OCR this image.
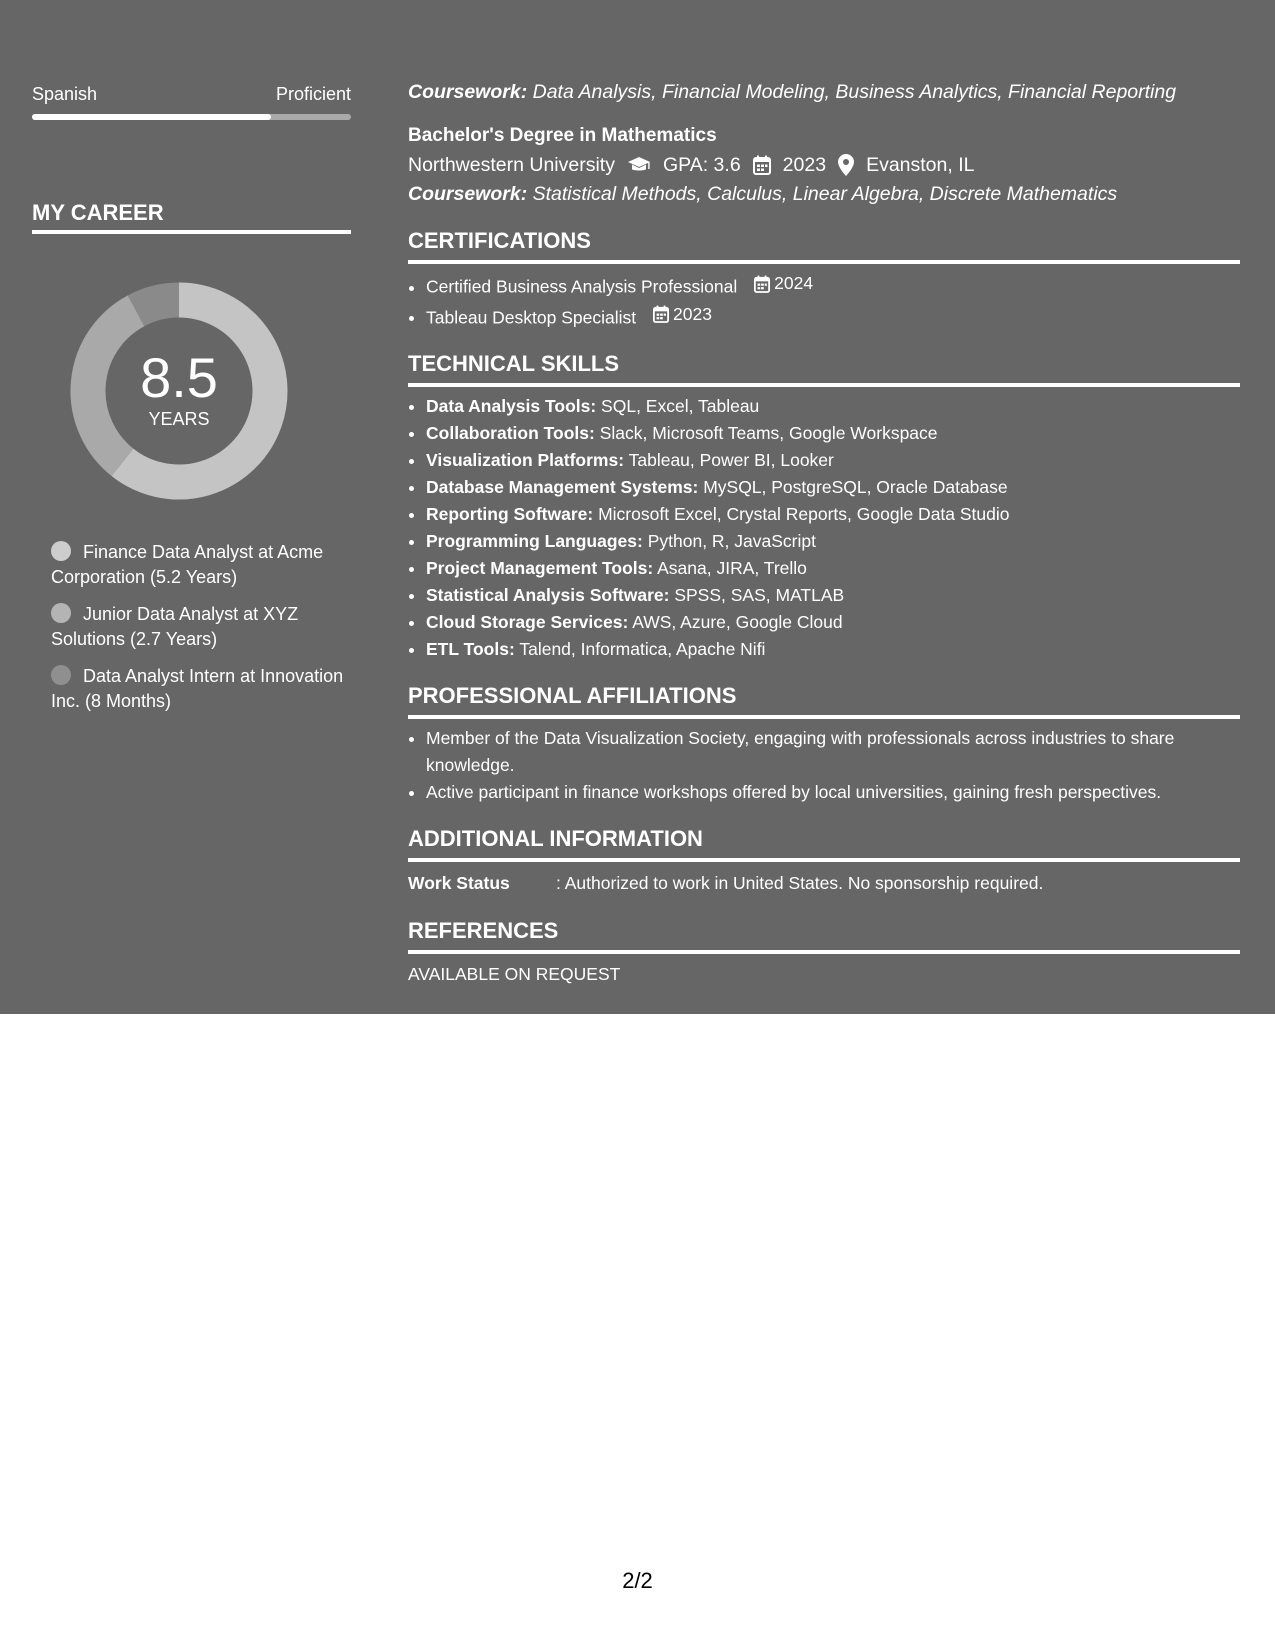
Spanish	Proficient
MY CAREER
8.5
YEARS
Finance Data Analyst at Acme Corporation (5.2 Years)
Junior Data Analyst at XYZ Solutions (2.7 Years)
Data Analyst Intern at Innovation Inc. (8 Months)
Coursework: Data Analysis, Financial Modeling, Business Analytics, Financial Reporting
Bachelor's Degree in Mathematics
Northwestern University GPA: 3.6 2023 Evanston, IL
Coursework: Statistical Methods, Calculus, Linear Algebra, Discrete Mathematics
CERTIFICATIONS
• Certified Business Analysis Professional 2024
• Tableau Desktop Specialist 2023
TECHNICAL SKILLS
• Data Analysis Tools: SQL, Excel, Tableau
• Collaboration Tools: Slack, Microsoft Teams, Google Workspace
• Visualization Platforms: Tableau, Power BI, Looker
• Database Management Systems: MySQL, PostgreSQL, Oracle Database
• Reporting Software: Microsoft Excel, Crystal Reports, Google Data Studio
• Programming Languages: Python, R, JavaScript
• Project Management Tools: Asana, JIRA, Trello
• Statistical Analysis Software: SPSS, SAS, MATLAB
• Cloud Storage Services: AWS, Azure, Google Cloud
• ETL Tools: Talend, Informatica, Apache Nifi
PROFESSIONAL AFFILIATIONS
• Member of the Data Visualization Society, engaging with professionals across industries to share knowledge.
• Active participant in finance workshops offered by local universities, gaining fresh perspectives.
ADDITIONAL INFORMATION
Work Status	: Authorized to work in United States. No sponsorship required.
REFERENCES
AVAILABLE ON REQUEST
2/2
